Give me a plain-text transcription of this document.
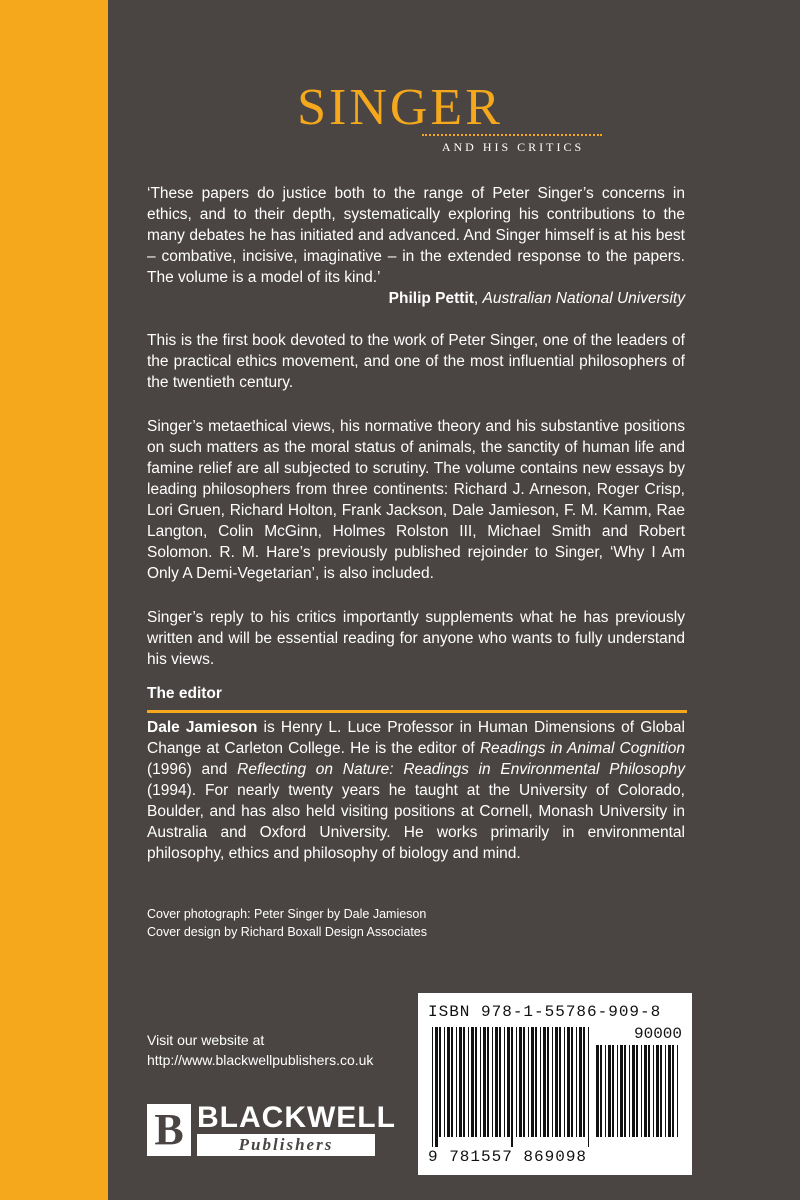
SINGER
AND HIS CRITICS

‘These papers do justice both to the range of Peter Singer’s concerns in ethics, and to their depth, systematically exploring his contributions to the many debates he has initiated and advanced. And Singer himself is at his best – combative, incisive, imaginative – in the extended response to the papers. The volume is a model of its kind.’

Philip Pettit, Australian National University

This is the first book devoted to the work of Peter Singer, one of the leaders of the practical ethics movement, and one of the most influential philosophers of the twentieth century.

Singer’s metaethical views, his normative theory and his substantive positions on such matters as the moral status of animals, the sanctity of human life and famine relief are all subjected to scrutiny. The volume contains new essays by leading philosophers from three continents: Richard J. Arneson, Roger Crisp, Lori Gruen, Richard Holton, Frank Jackson, Dale Jamieson, F. M. Kamm, Rae Langton, Colin McGinn, Holmes Rolston III, Michael Smith and Robert Solomon. R. M. Hare’s previously published rejoinder to Singer, ‘Why I Am Only A Demi-Vegetarian’, is also included.

Singer’s reply to his critics importantly supplements what he has previously written and will be essential reading for anyone who wants to fully understand his views.

The editor

Dale Jamieson is Henry L. Luce Professor in Human Dimensions of Global Change at Carleton College. He is the editor of Readings in Animal Cognition (1996) and Reflecting on Nature: Readings in Environmental Philosophy (1994). For nearly twenty years he taught at the University of Colorado, Boulder, and has also held visiting positions at Cornell, Monash University in Australia and Oxford University. He works primarily in environmental philosophy, ethics and philosophy of biology and mind.

Cover photograph: Peter Singer by Dale Jamieson
Cover design by Richard Boxall Design Associates
Visit our website at
http://www.blackwellpublishers.co.uk
B BLACKWELL
Publishers
ISBN 978-1-55786-909-8
90000
9 781557 869098
